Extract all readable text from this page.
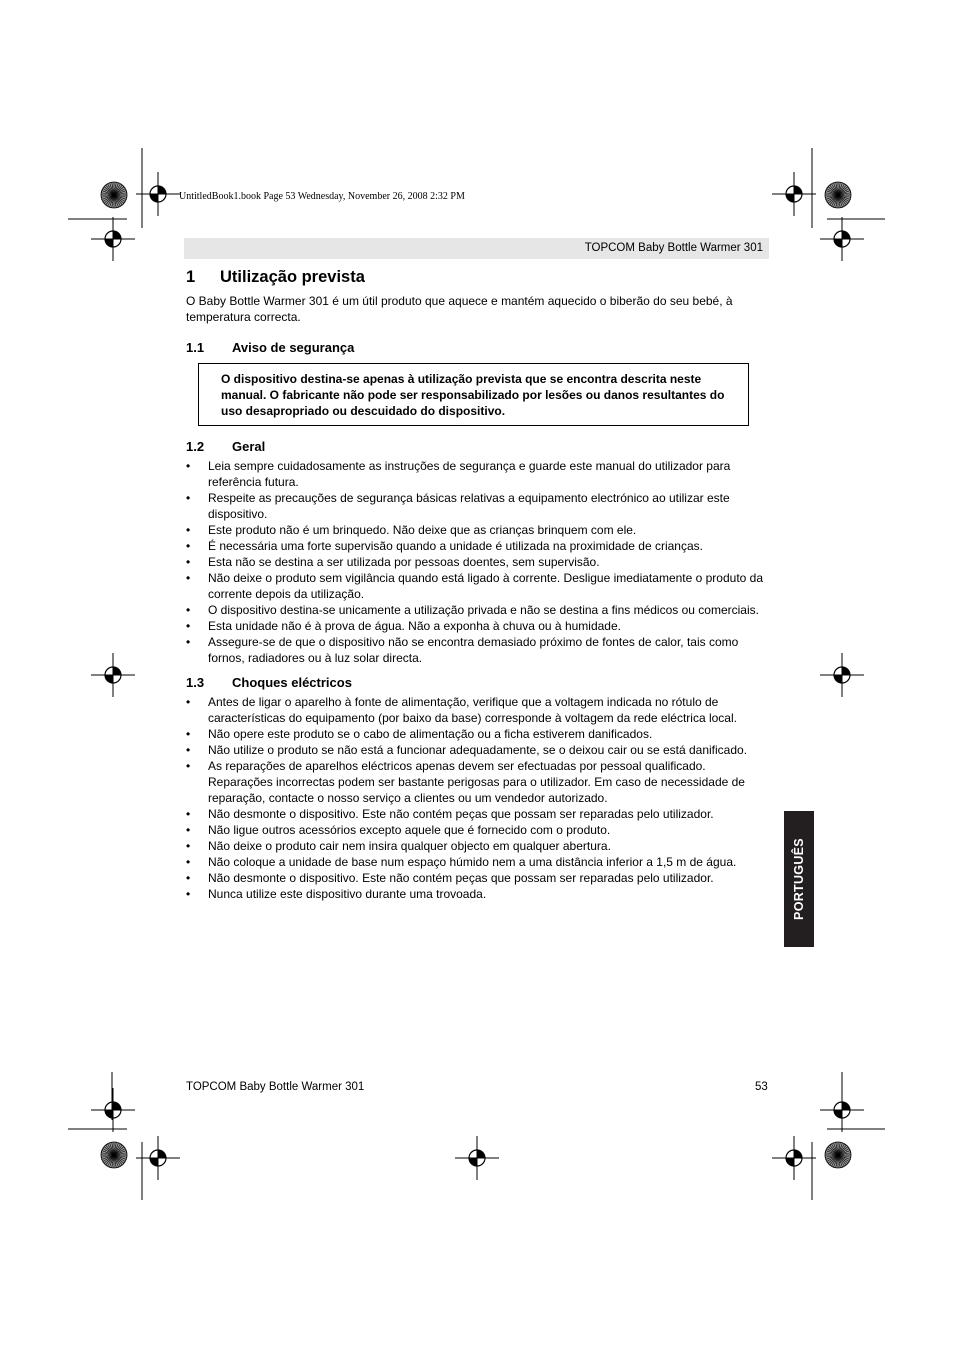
UntitledBook1.book Page 53 Wednesday, November 26, 2008 2:32 PM
TOPCOM Baby Bottle Warmer 301
1	Utilização prevista

O Baby Bottle Warmer 301 é um útil produto que aquece e mantém aquecido o biberão do seu bebé, à temperatura correcta.

1.1	Aviso de segurança
O dispositivo destina-se apenas à utilização prevista que se encontra descrita neste manual. O fabricante não pode ser responsabilizado por lesões ou danos resultantes do uso desapropriado ou descuidado do dispositivo.
1.2	Geral
• Leia sempre cuidadosamente as instruções de segurança e guarde este manual do utilizador para referência futura.
• Respeite as precauções de segurança básicas relativas a equipamento electrónico ao utilizar este dispositivo.
• Este produto não é um brinquedo. Não deixe que as crianças brinquem com ele.
• É necessária uma forte supervisão quando a unidade é utilizada na proximidade de crianças.
• Esta não se destina a ser utilizada por pessoas doentes, sem supervisão.
• Não deixe o produto sem vigilância quando está ligado à corrente. Desligue imediatamente o produto da corrente depois da utilização.
• O dispositivo destina-se unicamente a utilização privada e não se destina a fins médicos ou comerciais.
• Esta unidade não é à prova de água. Não a exponha à chuva ou à humidade.
• Assegure-se de que o dispositivo não se encontra demasiado próximo de fontes de calor, tais como fornos, radiadores ou à luz solar directa.
1.3	Choques eléctricos
• Antes de ligar o aparelho à fonte de alimentação, verifique que a voltagem indicada no rótulo de características do equipamento (por baixo da base) corresponde à voltagem da rede eléctrica local.
• Não opere este produto se o cabo de alimentação ou a ficha estiverem danificados.
• Não utilize o produto se não está a funcionar adequadamente, se o deixou cair ou se está danificado.
• As reparações de aparelhos eléctricos apenas devem ser efectuadas por pessoal qualificado. Reparações incorrectas podem ser bastante perigosas para o utilizador. Em caso de necessidade de reparação, contacte o nosso serviço a clientes ou um vendedor autorizado.
• Não desmonte o dispositivo. Este não contém peças que possam ser reparadas pelo utilizador.
• Não ligue outros acessórios excepto aquele que é fornecido com o produto.
• Não deixe o produto cair nem insira qualquer objecto em qualquer abertura.
• Não coloque a unidade de base num espaço húmido nem a uma distância inferior a 1,5 m de água.
• Não desmonte o dispositivo. Este não contém peças que possam ser reparadas pelo utilizador.
• Nunca utilize este dispositivo durante uma trovoada.	PORTUGUÊS
TOPCOM Baby Bottle Warmer 301	53
